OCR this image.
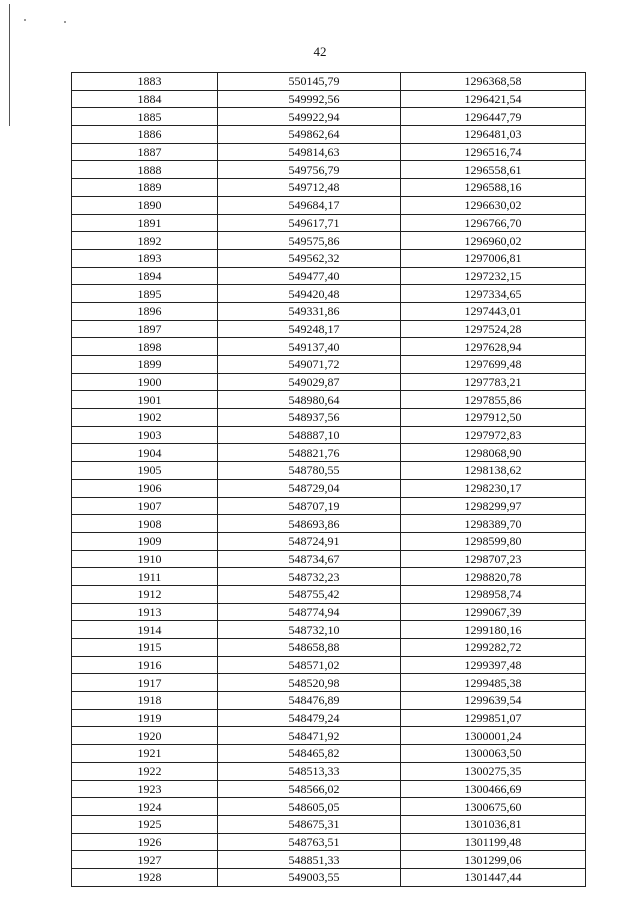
42
1883	550145,79	1296368,58
1884	549992,56	1296421,54
1885	549922,94	1296447,79
1886	549862,64	1296481,03
1887	549814,63	1296516,74
1888	549756,79	1296558,61
1889	549712,48	1296588,16
1890	549684,17	1296630,02
1891	549617,71	1296766,70
1892	549575,86	1296960,02
1893	549562,32	1297006,81
1894	549477,40	1297232,15
1895	549420,48	1297334,65
1896	549331,86	1297443,01
1897	549248,17	1297524,28
1898	549137,40	1297628,94
1899	549071,72	1297699,48
1900	549029,87	1297783,21
1901	548980,64	1297855,86
1902	548937,56	1297912,50
1903	548887,10	1297972,83
1904	548821,76	1298068,90
1905	548780,55	1298138,62
1906	548729,04	1298230,17
1907	548707,19	1298299,97
1908	548693,86	1298389,70
1909	548724,91	1298599,80
1910	548734,67	1298707,23
1911	548732,23	1298820,78
1912	548755,42	1298958,74
1913	548774,94	1299067,39
1914	548732,10	1299180,16
1915	548658,88	1299282,72
1916	548571,02	1299397,48
1917	548520,98	1299485,38
1918	548476,89	1299639,54
1919	548479,24	1299851,07
1920	548471,92	1300001,24
1921	548465,82	1300063,50
1922	548513,33	1300275,35
1923	548566,02	1300466,69
1924	548605,05	1300675,60
1925	548675,31	1301036,81
1926	548763,51	1301199,48
1927	548851,33	1301299,06
1928	549003,55	1301447,44
